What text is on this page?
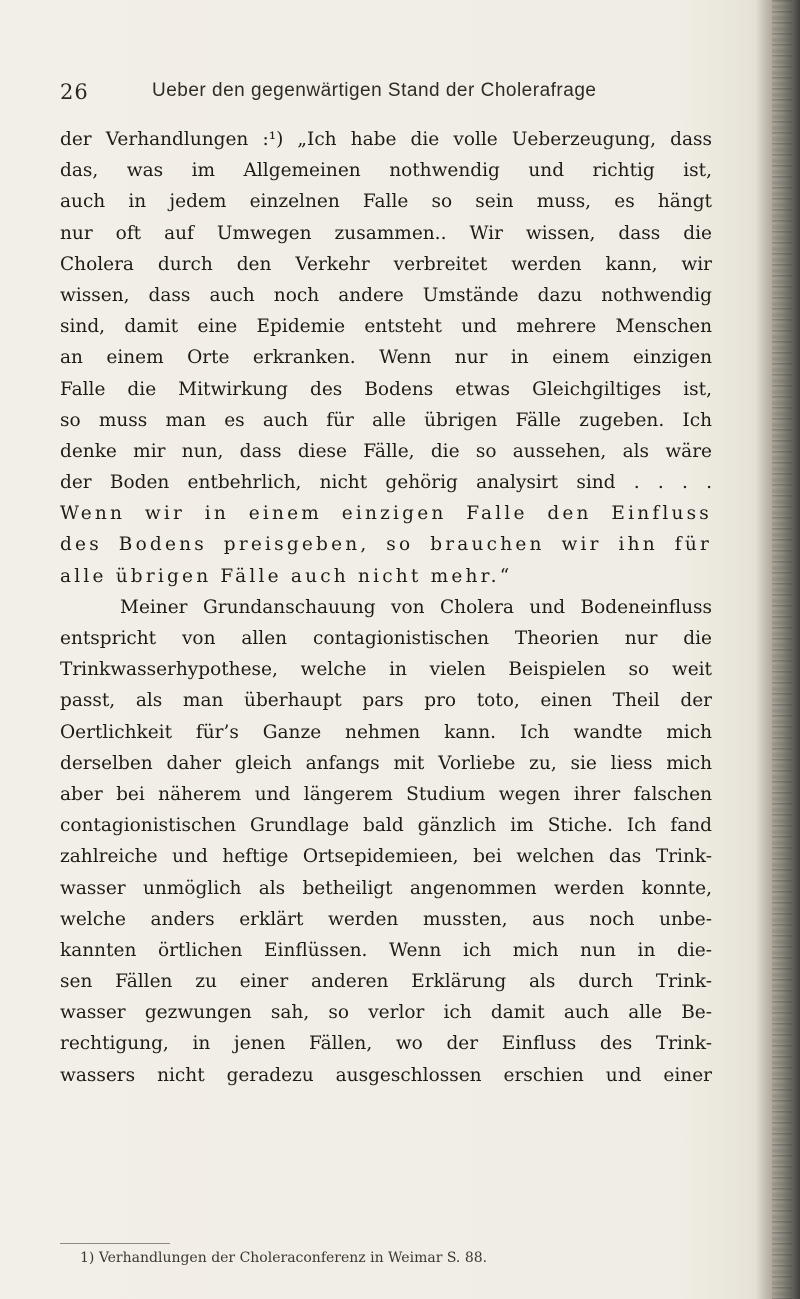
26	Ueber den gegenwärtigen Stand der Cholerafrage
der Verhandlungen :¹) „Ich habe die volle Ueberzeugung, dass
das, was im Allgemeinen nothwendig und richtig ist,
auch in jedem einzelnen Falle so sein muss, es hängt
nur oft auf Umwegen zusammen.. Wir wissen, dass die
Cholera durch den Verkehr verbreitet werden kann, wir
wissen, dass auch noch andere Umstände dazu nothwendig
sind, damit eine Epidemie entsteht und mehrere Menschen
an einem Orte erkranken. Wenn nur in einem einzigen
Falle die Mitwirkung des Bodens etwas Gleichgiltiges ist,
so muss man es auch für alle übrigen Fälle zugeben. Ich
denke mir nun, dass diese Fälle, die so aussehen, als wäre
der Boden entbehrlich, nicht gehörig analysirt sind . . . .
Wenn wir in einem einzigen Falle den Einfluss
des Bodens preisgeben, so brauchen wir ihn für
alle übrigen Fälle auch nicht mehr.“
Meiner Grundanschauung von Cholera und Bodeneinfluss
entspricht von allen contagionistischen Theorien nur die
Trinkwasserhypothese, welche in vielen Beispielen so weit
passt, als man überhaupt pars pro toto, einen Theil der
Oertlichkeit für’s Ganze nehmen kann. Ich wandte mich
derselben daher gleich anfangs mit Vorliebe zu, sie liess mich
aber bei näherem und längerem Studium wegen ihrer falschen
contagionistischen Grundlage bald gänzlich im Stiche. Ich fand
zahlreiche und heftige Ortsepidemieen, bei welchen das Trink-
wasser unmöglich als betheiligt angenommen werden konnte,
welche anders erklärt werden mussten, aus noch unbe-
kannten örtlichen Einflüssen. Wenn ich mich nun in die-
sen Fällen zu einer anderen Erklärung als durch Trink-
wasser gezwungen sah, so verlor ich damit auch alle Be-
rechtigung, in jenen Fällen, wo der Einfluss des Trink-
wassers nicht geradezu ausgeschlossen erschien und einer
1) Verhandlungen der Choleraconferenz in Weimar S. 88.
